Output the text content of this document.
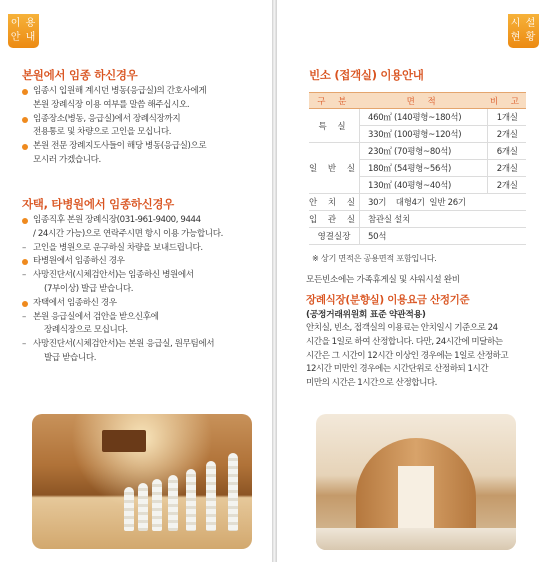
이 용
안 내
본원에서 임종 하신경우
임종시 입원해 계시던 병동(응급실)의 간호사에게
본원 장례식장 이용 여부를 말씀 해주십시오.
임종장소(병동, 응급실)에서 장례식장까지
전용통로 및 차량으로 고인을 모십니다.
본원 전문 장례지도사들이 해당 병동(응급실)으로
모시러 가겠습니다.
자택, 타병원에서 임종하신경우
임종직후 본원 장례식장(031-961-9400, 9444
/ 24시간 가능)으로 연락주시면 항시 이용 가능합니다.
– 고인을 병원으로 운구하실 차량을 보내드립니다.
타병원에서 임종하신 경우
– 사망진단서(시체검안서)는 임종하신 병원에서
(7부이상) 발급 받습니다.
자택에서 임종하신 경우
– 본원 응급실에서 검안을 받으신후에
장례식장으로 모십니다.
– 사망진단서(시체검안서)는 본원 응급실, 원무팀에서
발급 받습니다.
시 설
현 황
빈소 (접객실) 이용안내
구 분	면 적	비 고
특 실	460㎡ (140평형~180석)	1개실
	330㎡ (100평형~120석)	2개실
일 반 실	230㎡ (70평형~80석)	6개실
	180㎡ (54평형~56석)	2개실
	130㎡ (40평형~40석)	2개실
안 치 실	30기    대형4기  일반 26기	
입 관 실	참관실 설치	
영결실장	50석	
※ 상기 면적은 공용면적 포함입니다.
모든빈소에는 가족휴게실 및 샤워시설 완비
장례식장(분향실) 이용요금 산정기준
(공정거래위원회 표준 약관적용)

안치실, 빈소, 접객실의 이용료는 안치일시 기준으로 24
시간을 1일로 하여 산정합니다. 다만, 24시간에 미달하는
시간은 그 시간이 12시간 이상인 경우에는 1일로 산정하고
12시간 미만인 경우에는 시간단위로 산정하되 1시간
미만의 시간은 1시간으로 산정합니다.
